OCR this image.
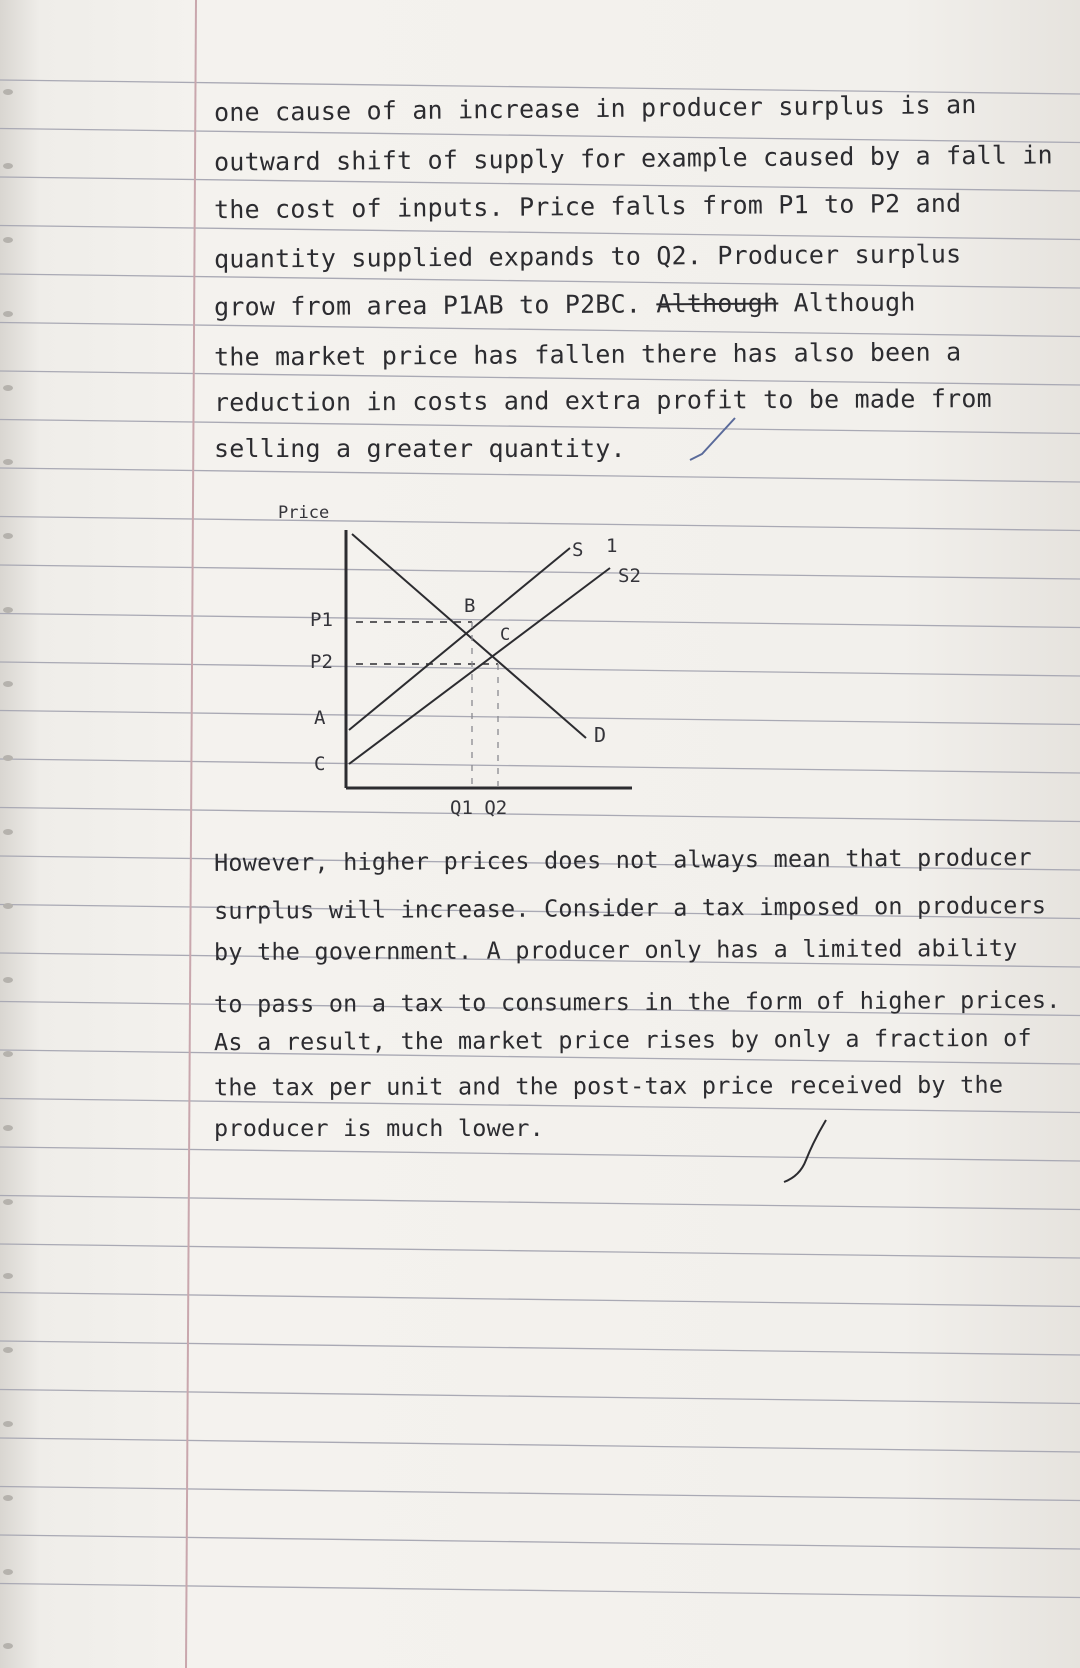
one cause of an increase in producer surplus is an
outward shift of supply for example caused by a fall in
the cost of inputs. Price falls from P1 to P2 and
quantity supplied expands to Q2. Producer surplus
grow from area P1AB to P2BC. Although Although
the market price has fallen there has also been a
reduction in costs and extra profit to be made from
selling a greater quantity.
Price
S 1
S2
D
P1
P2
A
C
B
C
Q1 Q2
However, higher prices does not always mean that producer
surplus will increase. Consider a tax imposed on producers
by the government. A producer only has a limited ability
to pass on a tax to consumers in the form of higher prices.
As a result, the market price rises by only a fraction of
the tax per unit and the post-tax price received by the
producer is much lower.
